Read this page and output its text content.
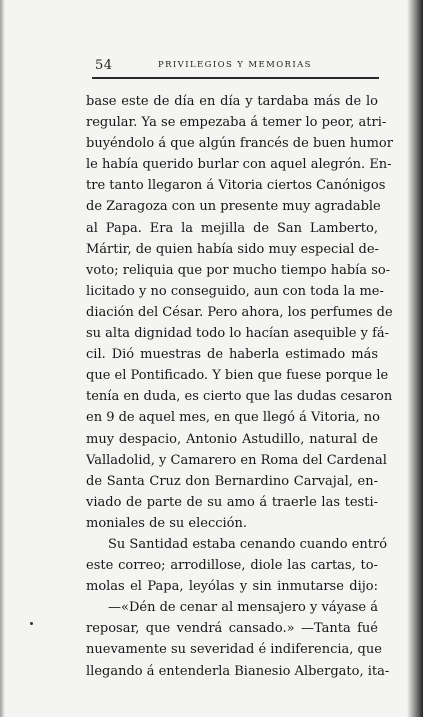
54	PRIVILEGIOS Y MEMORIAS
base este de día en día y tardaba más de lo
regular. Ya se empezaba á temer lo peor, atri-
buyéndolo á que algún francés de buen humor
le había querido burlar con aquel alegrón. En-
tre tanto llegaron á Vitoria ciertos Canónigos
de Zaragoza con un presente muy agradable
al Papa. Era la mejilla de San Lamberto,
Mártir, de quien había sido muy especial de-
voto; reliquia que por mucho tiempo había so-
licitado y no conseguido, aun con toda la me-
diación del César. Pero ahora, los perfumes de
su alta dignidad todo lo hacían asequible y fá-
cil. Dió muestras de haberla estimado más
que el Pontificado. Y bien que fuese porque le
tenía en duda, es cierto que las dudas cesaron
en 9 de aquel mes, en que llegó á Vitoria, no
muy despacio, Antonio Astudillo, natural de
Valladolid, y Camarero en Roma del Cardenal
de Santa Cruz don Bernardino Carvajal, en-
viado de parte de su amo á traerle las testi-
moniales de su elección.
Su Santidad estaba cenando cuando entró
este correo; arrodillose, diole las cartas, to-
molas el Papa, leyólas y sin inmutarse dijo:
—«Dén de cenar al mensajero y váyase á
reposar, que vendrá cansado.» —Tanta fué
nuevamente su severidad é indiferencia, que
llegando á entenderla Bianesio Albergato, ita-
